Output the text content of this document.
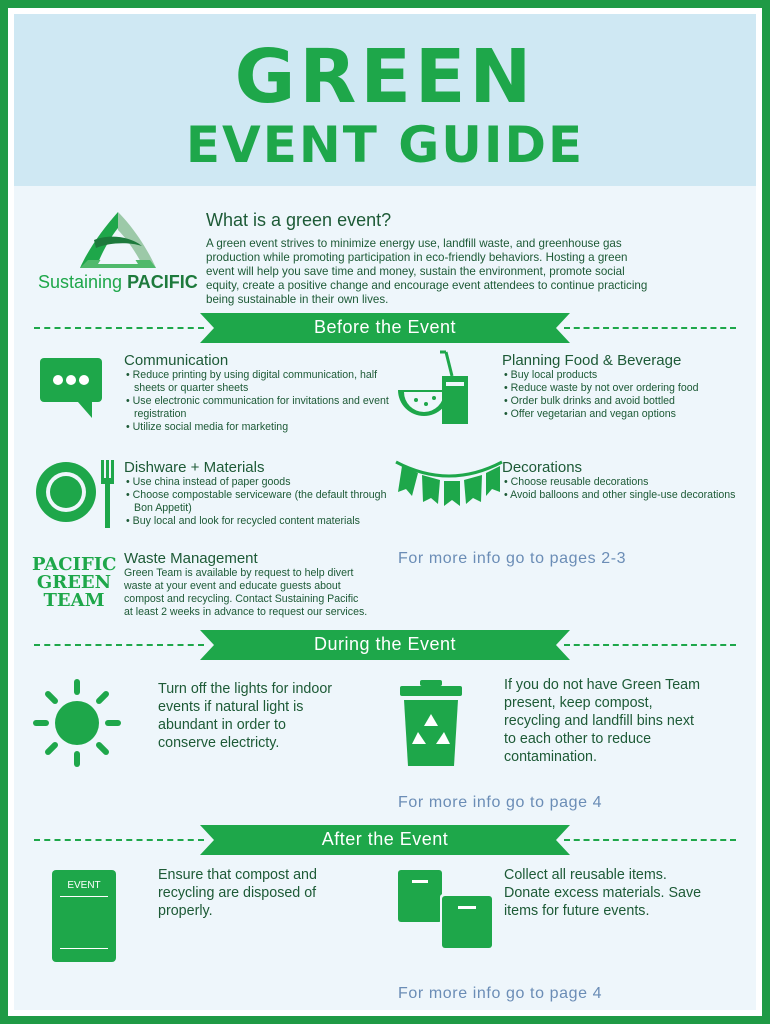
GREEN
EVENT GUIDE
Sustaining PACIFIC
What is a green event?
A green event strives to minimize energy use, landfill waste, and greenhouse gas
production while promoting participation in eco-friendly behaviors. Hosting a green
event will help you save time and money, sustain the environment, promote social
equity, create a positive change and encourage event attendees to continue practicing
being sustainable in their own lives.
Before the Event
Communication
• Reduce printing by using digital communication, half sheets or quarter sheets
• Use electronic communication for invitations and event registration
• Utilize social media for marketing
Planning Food & Beverage
• Buy local products
• Reduce waste by not over ordering food
• Order bulk drinks and avoid bottled
• Offer vegetarian and vegan options
Dishware + Materials
• Use china instead of paper goods
• Choose compostable serviceware (the default through Bon Appetit)
• Buy local and look for recycled content materials
Decorations
• Choose reusable decorations
• Avoid balloons and other single-use decorations
PACIFIC
GREEN
TEAM
Waste Management
Green Team is available by request to help divert
waste at your event and educate guests about
compost and recycling. Contact Sustaining Pacific
at least 2 weeks in advance to request our services.
For more info go to pages 2-3
During the Event
Turn off the lights for indoor
events if natural light is
abundant in order to
conserve electricty.
If you do not have Green Team
present, keep compost,
recycling and landfill bins next
to each other to reduce
contamination.
For more info go to page 4
After the Event
EVENT
Ensure that compost and
recycling are disposed of
properly.
Collect all reusable items.
Donate excess materials. Save
items for future events.
For more info go to page 4
